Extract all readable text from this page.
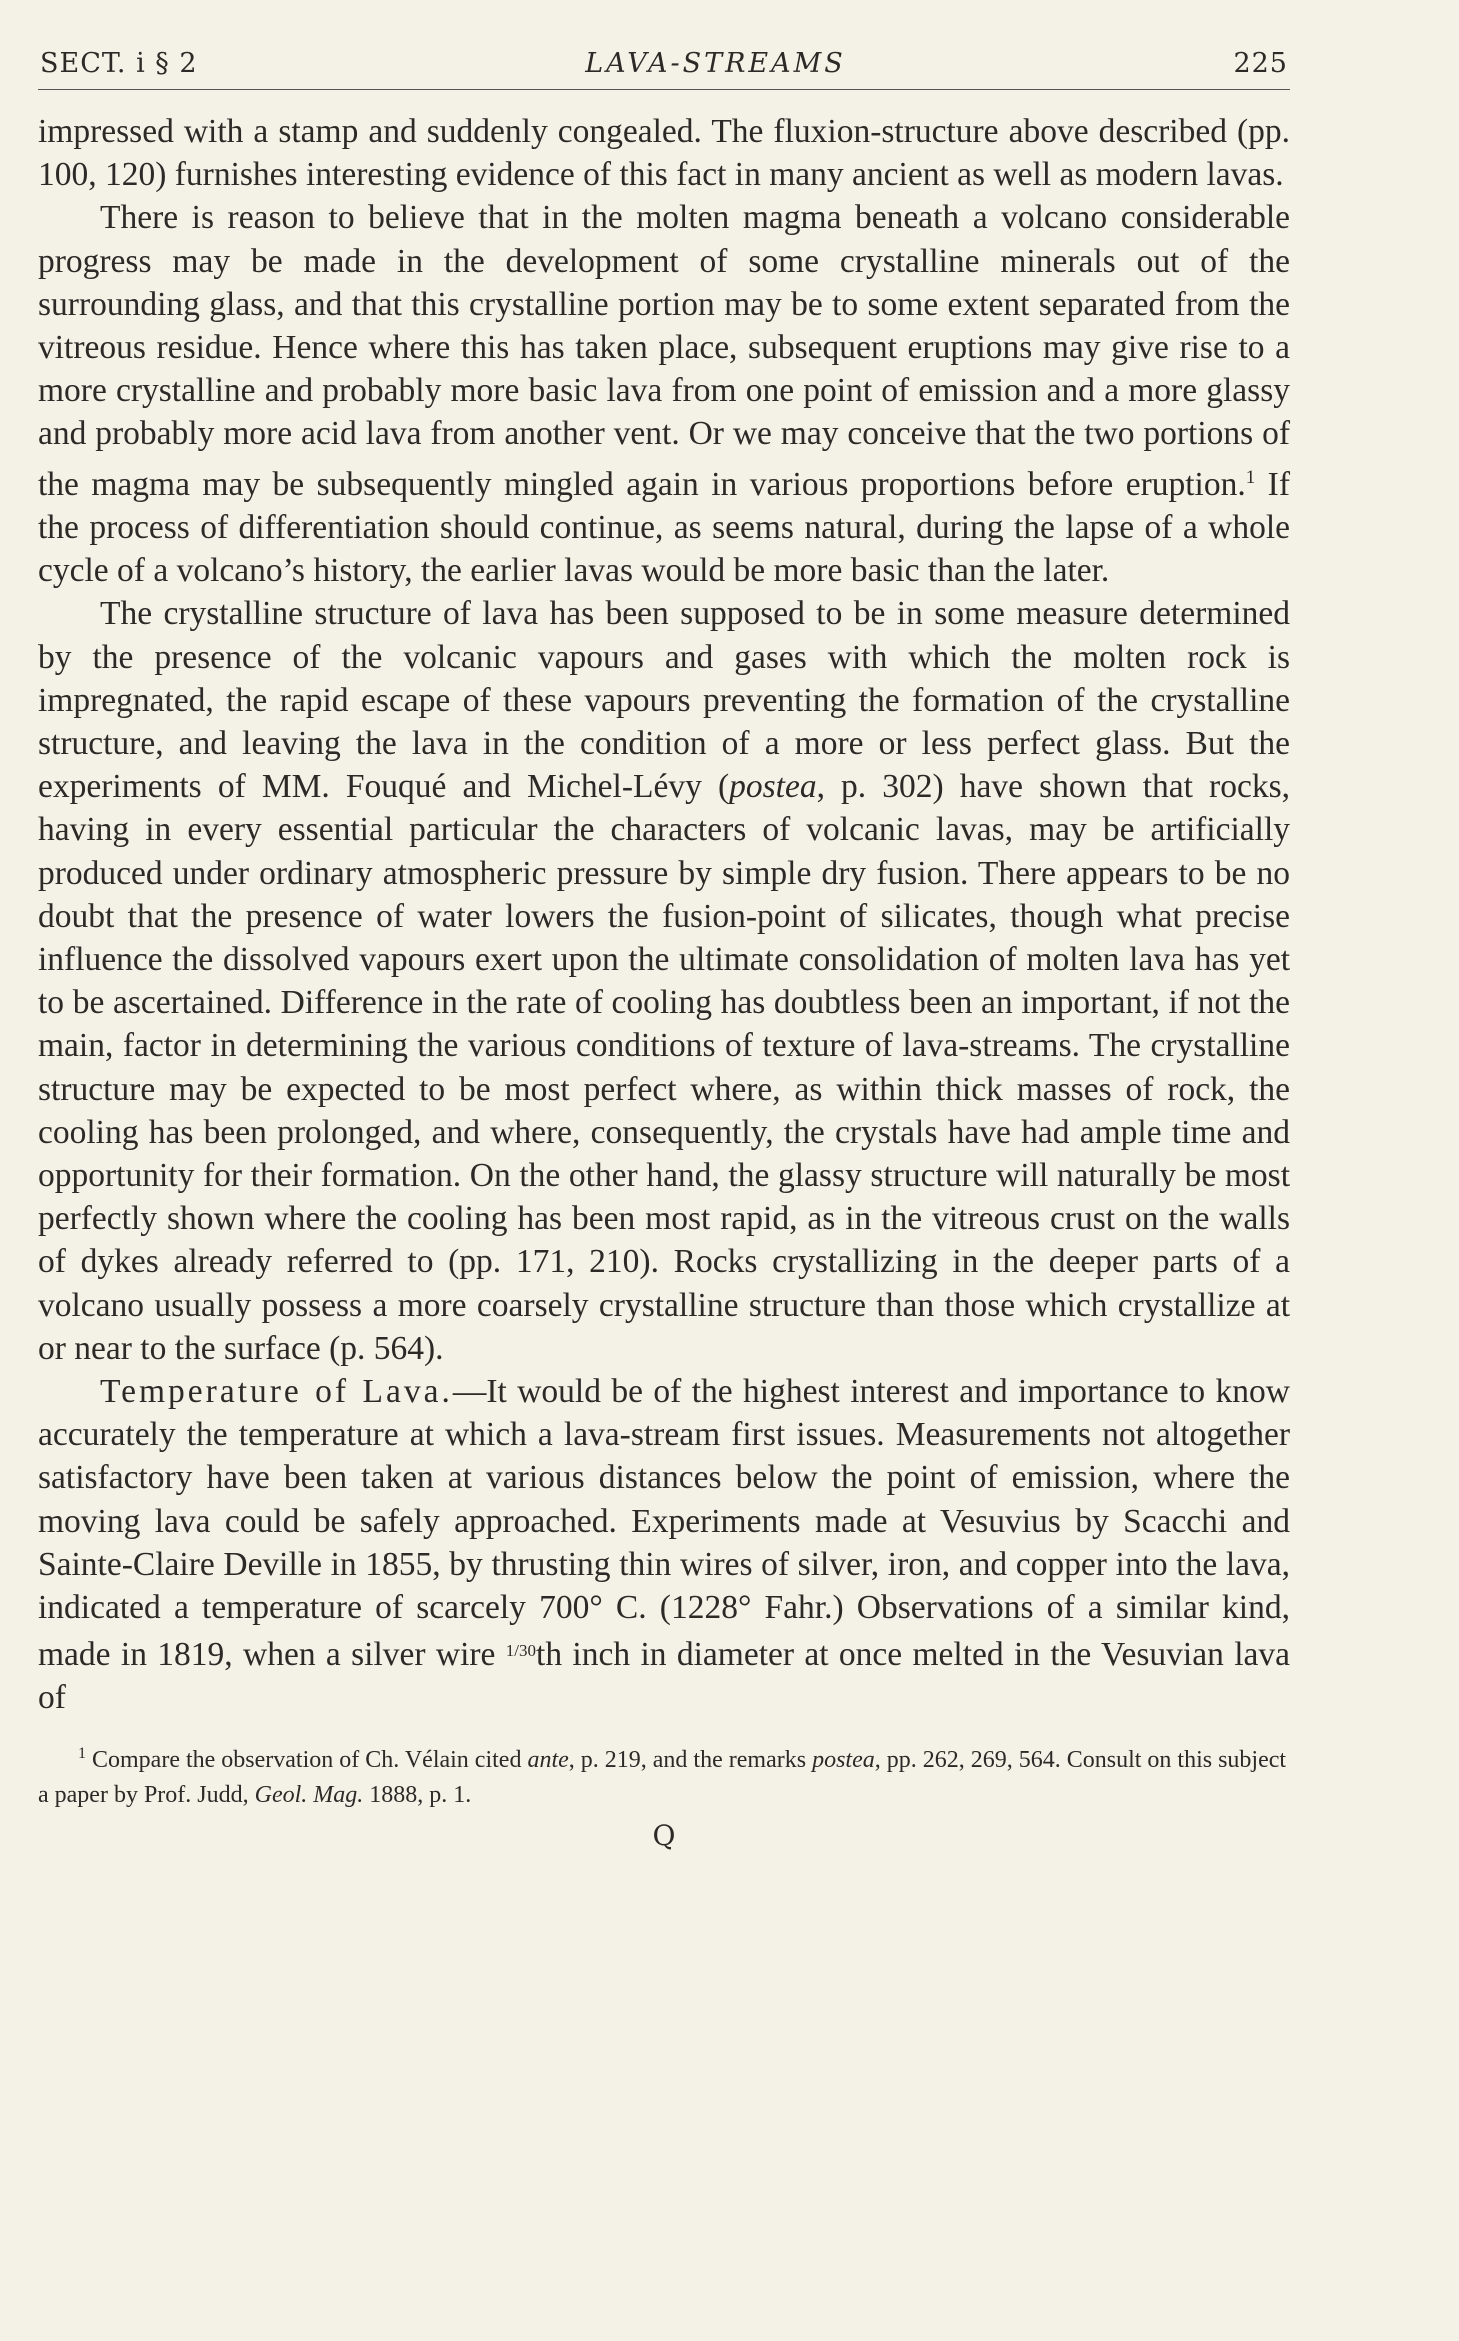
SECT. i § 2	LAVA-STREAMS	225

impressed with a stamp and suddenly congealed. The fluxion-structure above described (pp. 100, 120) furnishes interesting evidence of this fact in many ancient as well as modern lavas.

There is reason to believe that in the molten magma beneath a volcano considerable progress may be made in the development of some crystalline minerals out of the surrounding glass, and that this crystalline portion may be to some extent separated from the vitreous residue. Hence where this has taken place, subsequent eruptions may give rise to a more crystalline and probably more basic lava from one point of emission and a more glassy and probably more acid lava from another vent. Or we may conceive that the two portions of the magma may be subsequently mingled again in various proportions before eruption.$^1$ If the process of differentiation should continue, as seems natural, during the lapse of a whole cycle of a volcano’s history, the earlier lavas would be more basic than the later.

The crystalline structure of lava has been supposed to be in some measure determined by the presence of the volcanic vapours and gases with which the molten rock is impregnated, the rapid escape of these vapours preventing the formation of the crystalline structure, and leaving the lava in the condition of a more or less perfect glass. But the experiments of MM. Fouqué and Michel-Lévy (postea, p. 302) have shown that rocks, having in every essential particular the characters of volcanic lavas, may be artificially produced under ordinary atmospheric pressure by simple dry fusion. There appears to be no doubt that the presence of water lowers the fusion-point of silicates, though what precise influence the dissolved vapours exert upon the ultimate consolidation of molten lava has yet to be ascertained. Difference in the rate of cooling has doubtless been an important, if not the main, factor in determining the various conditions of texture of lava-streams. The crystalline structure may be expected to be most perfect where, as within thick masses of rock, the cooling has been prolonged, and where, consequently, the crystals have had ample time and opportunity for their formation. On the other hand, the glassy structure will naturally be most perfectly shown where the cooling has been most rapid, as in the vitreous crust on the walls of dykes already referred to (pp. 171, 210). Rocks crystallizing in the deeper parts of a volcano usually possess a more coarsely crystalline structure than those which crystallize at or near to the surface (p. 564).

Temperature of Lava.—It would be of the highest interest and importance to know accurately the temperature at which a lava-stream first issues. Measurements not altogether satisfactory have been taken at various distances below the point of emission, where the moving lava could be safely approached. Experiments made at Vesuvius by Scacchi and Sainte-Claire Deville in 1855, by thrusting thin wires of silver, iron, and copper into the lava, indicated a temperature of scarcely 700° C. (1228° Fahr.) Observations of a similar kind, made in 1819, when a silver wire $^{1/30}$th inch in diameter at once melted in the Vesuvian lava of

$^1$ Compare the observation of Ch. Vélain cited ante, p. 219, and the remarks postea, pp. 262, 269, 564. Consult on this subject a paper by Prof. Judd, Geol. Mag. 1888, p. 1.
Q
